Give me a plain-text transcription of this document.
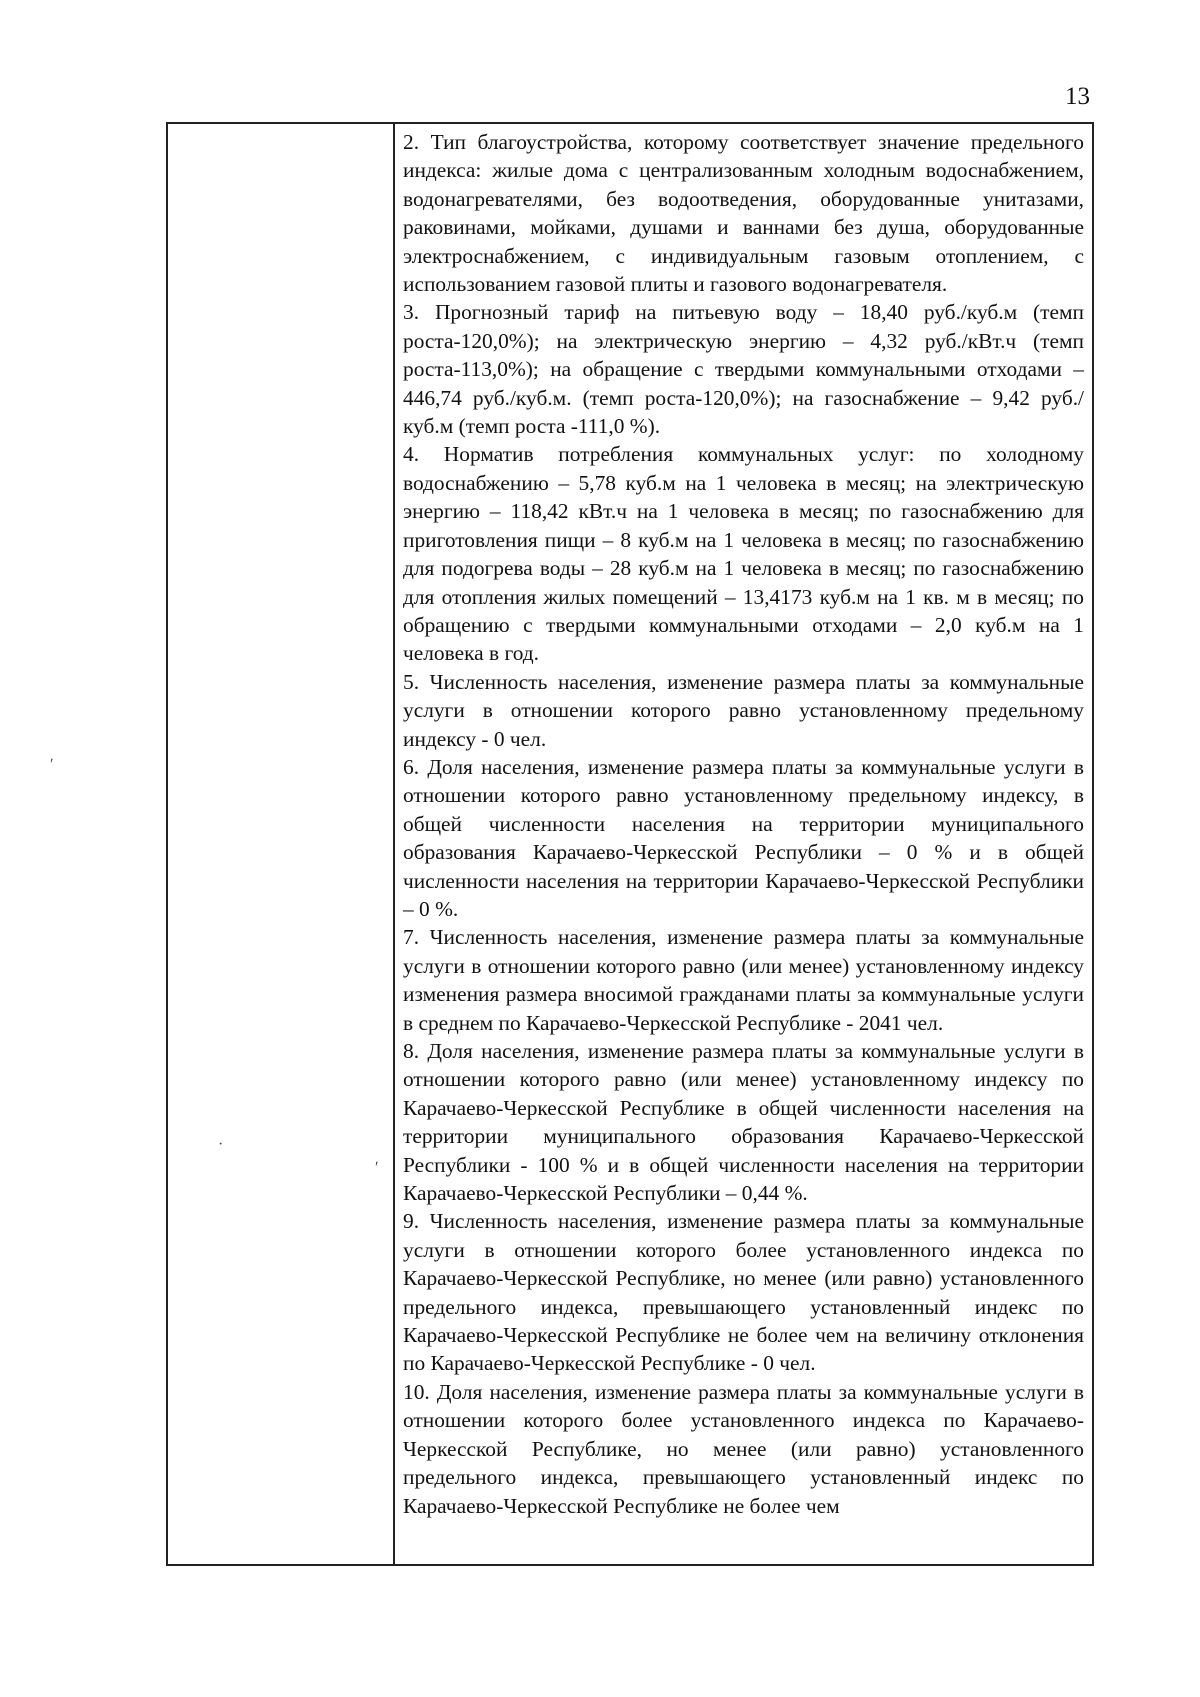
13

2. Тип благоустройства, которому соответствует значение предельного индекса: жилые дома с централизованным холодным водоснабжением, водонагревателями, без водоотведения, оборудованные унитазами, раковинами, мойками, душами и ваннами без душа, оборудованные электроснабжением, с индивидуальным газовым отоплением, с использованием газовой плиты и газового водонагревателя.

3. Прогнозный тариф на питьевую воду – 18,40 руб./куб.м (темп роста-120,0%); на электрическую энергию – 4,32 руб./кВт.ч (темп роста-113,0%); на обращение с твердыми коммунальными отходами – 446,74 руб./куб.м. (темп роста-120,0%); на газоснабжение – 9,42 руб./куб.м (темп роста -111,0 %).

4. Норматив потребления коммунальных услуг: по холодному водоснабжению – 5,78 куб.м на 1 человека в месяц; на электрическую энергию – 118,42 кВт.ч на 1 человека в месяц; по газоснабжению для приготовления пищи – 8 куб.м на 1 человека в месяц; по газоснабжению для подогрева воды – 28 куб.м на 1 человека в месяц; по газоснабжению для отопления жилых помещений – 13,4173 куб.м на 1 кв. м в месяц; по обращению с твердыми коммунальными отходами – 2,0 куб.м на 1 человека в год.

5. Численность населения, изменение размера платы за коммунальные услуги в отношении которого равно установленному предельному индексу - 0 чел.

6. Доля населения, изменение размера платы за коммунальные услуги в отношении которого равно установленному предельному индексу, в общей численности населения на территории муниципального образования Карачаево-Черкесской Республики – 0 % и в общей численности населения на территории Карачаево-Черкесской Республики – 0 %.

7. Численность населения, изменение размера платы за коммунальные услуги в отношении которого равно (или менее) установленному индексу изменения размера вносимой гражданами платы за коммунальные услуги в среднем по Карачаево-Черкесской Республике - 2041 чел.

8. Доля населения, изменение размера платы за коммунальные услуги в отношении которого равно (или менее) установленному индексу по Карачаево-Черкесской Республике в общей численности населения на территории муниципального образования Карачаево-Черкесской Республики - 100 % и в общей численности населения на территории Карачаево-Черкесской Республики – 0,44 %.

9. Численность населения, изменение размера платы за коммунальные услуги в отношении которого более установленного индекса по Карачаево-Черкесской Республике, но менее (или равно) установленного предельного индекса, превышающего установленный индекс по Карачаево-Черкесской Республике не более чем на величину отклонения по Карачаево-Черкесской Республике - 0 чел.

10. Доля населения, изменение размера платы за коммунальные услуги в отношении которого более установленного индекса по Карачаево-Черкесской Республике, но менее (или равно) установленного предельного индекса, превышающего установленный индекс по Карачаево-Черкесской Республике не более чем

ʹ
·
ʹ
